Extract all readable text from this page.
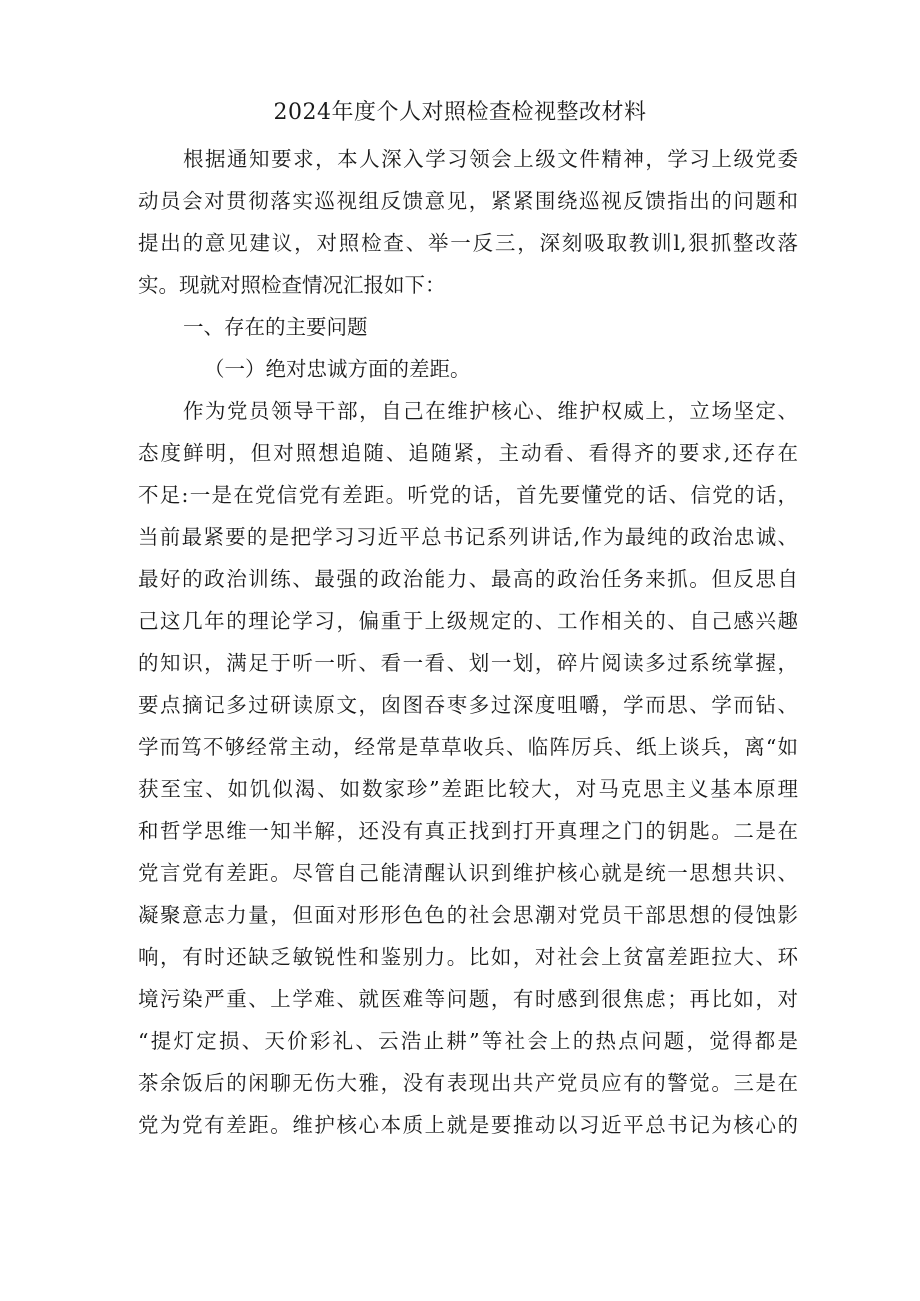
2024年度个人对照检查检视整改材料
根据通知要求，本人深入学习领会上级文件精神，学习上级党委
动员会对贯彻落实巡视组反馈意见，紧紧围绕巡视反馈指出的问题和
提出的意见建议，对照检查、举一反三，深刻吸取教训l,狠抓整改落
实。现就对照检查情况汇报如下：
一、存在的主要问题
（一）绝对忠诚方面的差距。
作为党员领导干部，自己在维护核心、维护权威上，立场坚定、
态度鲜明，但对照想追随、追随紧，主动看、看得齐的要求,还存在
不足:一是在党信党有差距。听党的话，首先要懂党的话、信党的话，
当前最紧要的是把学习习近平总书记系列讲话,作为最纯的政治忠诚、
最好的政治训练、最强的政治能力、最高的政治任务来抓。但反思自
己这几年的理论学习，偏重于上级规定的、工作相关的、自己感兴趣
的知识，满足于听一听、看一看、划一划，碎片阅读多过系统掌握，
要点摘记多过研读原文，囱图吞枣多过深度咀嚼，学而思、学而钻、
学而笃不够经常主动，经常是草草收兵、临阵厉兵、纸上谈兵，离“如
获至宝、如饥似渴、如数家珍”差距比较大，对马克思主义基本原理
和哲学思维一知半解，还没有真正找到打开真理之门的钥匙。二是在
党言党有差距。尽管自己能清醒认识到维护核心就是统一思想共识、
凝聚意志力量，但面对形形色色的社会思潮对党员干部思想的侵蚀影
响，有时还缺乏敏锐性和鉴别力。比如，对社会上贫富差距拉大、环
境污染严重、上学难、就医难等问题，有时感到很焦虑；再比如，对
“提灯定损、天价彩礼、云浩止耕”等社会上的热点问题，觉得都是
茶余饭后的闲聊无伤大雅，没有表现出共产党员应有的警觉。三是在
党为党有差距。维护核心本质上就是要推动以习近平总书记为核心的
